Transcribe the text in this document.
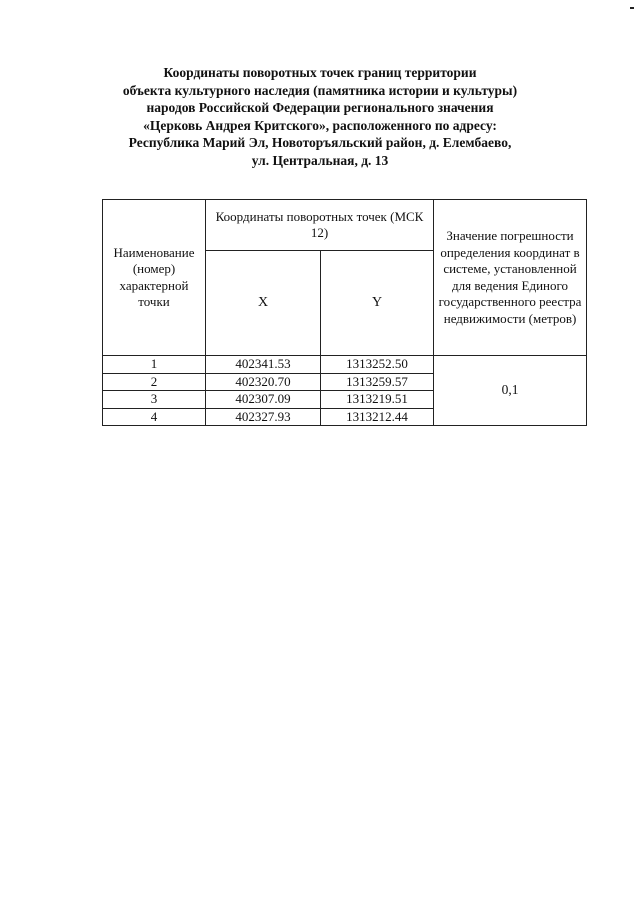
Координаты поворотных точек границ территории
объекта культурного наследия (памятника истории и культуры)
народов Российской Федерации регионального значения
«Церковь Андрея Критского», расположенного по адресу:
Республика Марий Эл, Новоторъяльский район, д. Елембаево,
ул. Центральная, д. 13
Наименование (номер) характерной точки	Координаты поворотных точек (МСК 12)		Значение погрешности определения координат в системе, установленной для ведения Единого государственного реестра недвижимости (метров)
	X	Y	
1	402341.53	1313252.50	0,1
2	402320.70	1313259.57	
3	402307.09	1313219.51	
4	402327.93	1313212.44	
